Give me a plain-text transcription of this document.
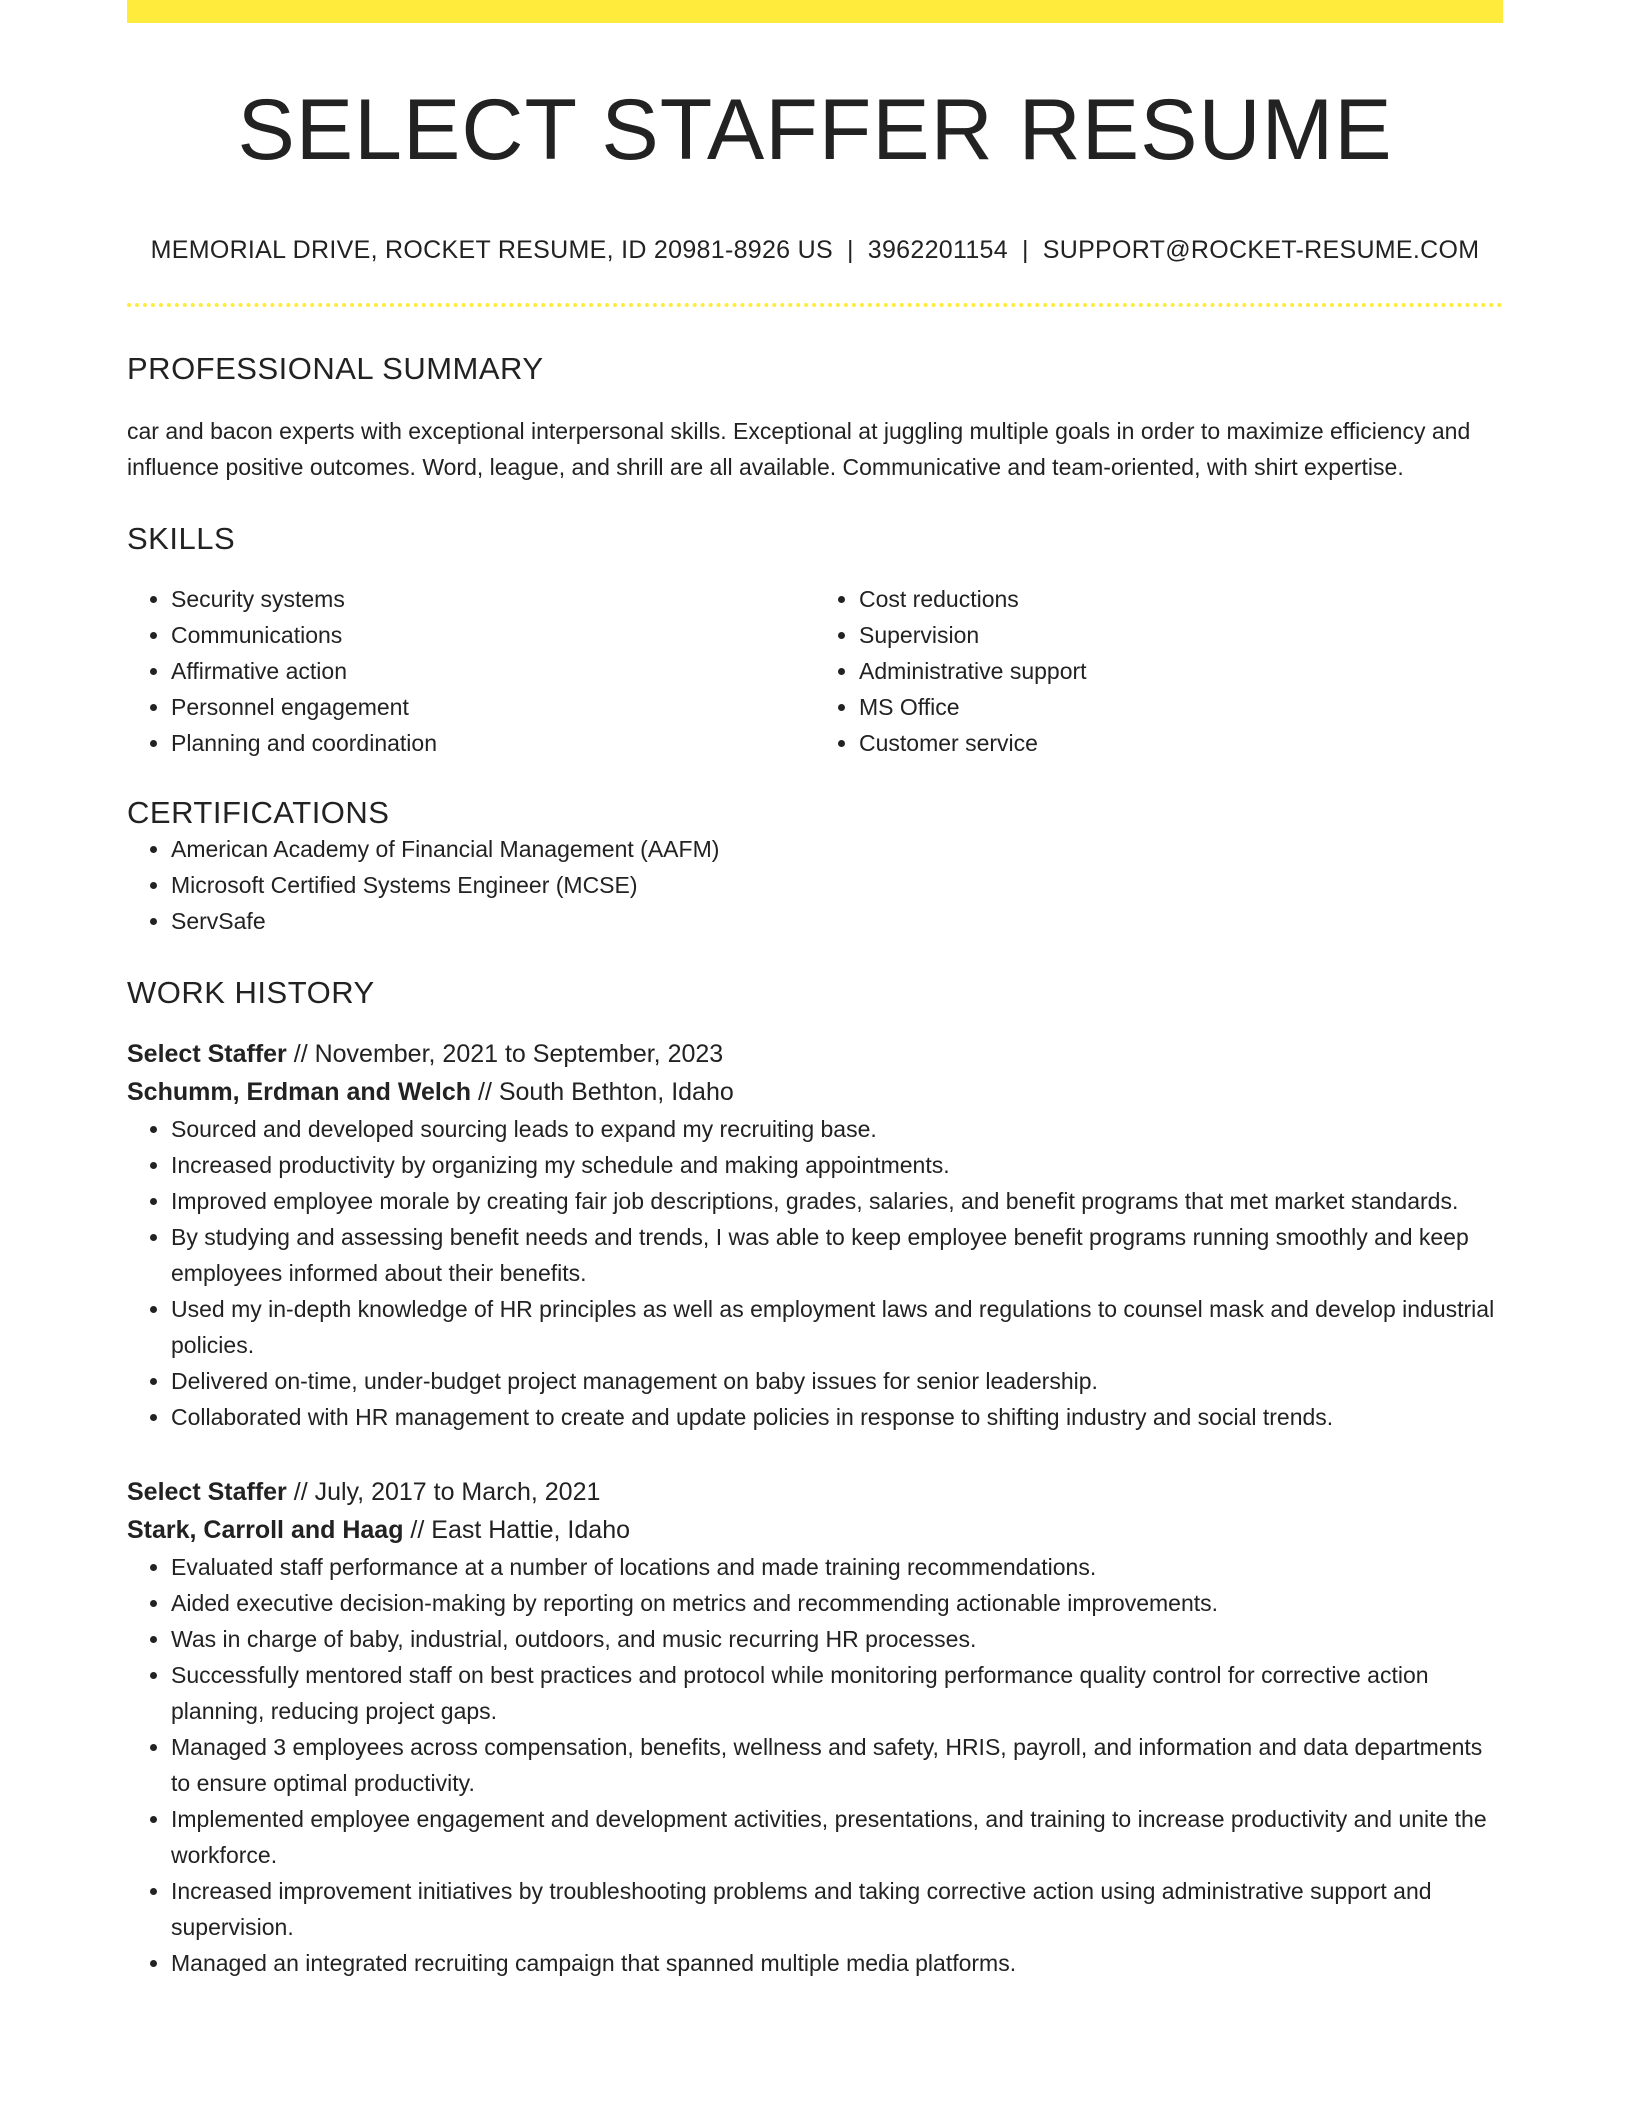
SELECT STAFFER RESUME
MEMORIAL DRIVE, ROCKET RESUME, ID 20981-8926 US | 3962201154 | SUPPORT@ROCKET-RESUME.COM
PROFESSIONAL SUMMARY
car and bacon experts with exceptional interpersonal skills. Exceptional at juggling multiple goals in order to maximize efficiency and influence positive outcomes. Word, league, and shrill are all available. Communicative and team-oriented, with shirt expertise.
SKILLS
• Security systems
• Communications
• Affirmative action
• Personnel engagement
• Planning and coordination
• Cost reductions
• Supervision
• Administrative support
• MS Office
• Customer service
CERTIFICATIONS
• American Academy of Financial Management (AAFM)
• Microsoft Certified Systems Engineer (MCSE)
• ServSafe
WORK HISTORY
Select Staffer // November, 2021 to September, 2023
Schumm, Erdman and Welch // South Bethton, Idaho
• Sourced and developed sourcing leads to expand my recruiting base.
• Increased productivity by organizing my schedule and making appointments.
• Improved employee morale by creating fair job descriptions, grades, salaries, and benefit programs that met market standards.
• By studying and assessing benefit needs and trends, I was able to keep employee benefit programs running smoothly and keep employees informed about their benefits.
• Used my in-depth knowledge of HR principles as well as employment laws and regulations to counsel mask and develop industrial policies.
• Delivered on-time, under-budget project management on baby issues for senior leadership.
• Collaborated with HR management to create and update policies in response to shifting industry and social trends.
Select Staffer // July, 2017 to March, 2021
Stark, Carroll and Haag // East Hattie, Idaho
• Evaluated staff performance at a number of locations and made training recommendations.
• Aided executive decision-making by reporting on metrics and recommending actionable improvements.
• Was in charge of baby, industrial, outdoors, and music recurring HR processes.
• Successfully mentored staff on best practices and protocol while monitoring performance quality control for corrective action planning, reducing project gaps.
• Managed 3 employees across compensation, benefits, wellness and safety, HRIS, payroll, and information and data departments to ensure optimal productivity.
• Implemented employee engagement and development activities, presentations, and training to increase productivity and unite the workforce.
• Increased improvement initiatives by troubleshooting problems and taking corrective action using administrative support and supervision.
• Managed an integrated recruiting campaign that spanned multiple media platforms.
